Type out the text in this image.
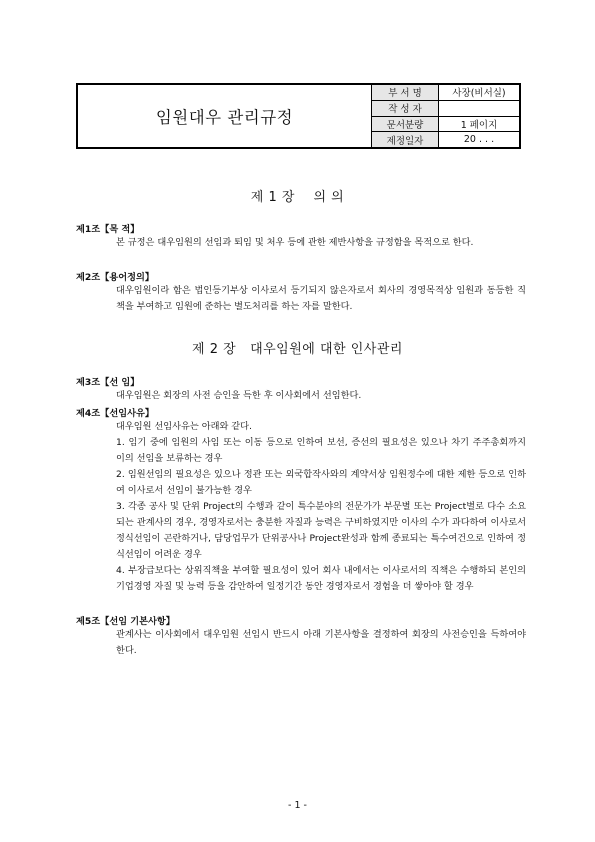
임원대우 관리규정
부 서 명	사장(비서실)
작 성 자
문서분량	1 페이지
제정일자	20 . . .
제 1 장    의 의
제1조【목 적】

본 규정은 대우임원의 선임과 퇴임 및 처우 등에 관한 제반사항을 규정함을 목적으로 한다.

제2조【용어정의】

대우임원이라 함은 법인등기부상 이사로서 등기되지 않은자로서 회사의 경영목적상 임원과 동등한 직책을 부여하고 임원에 준하는 별도처리를 하는 자를 말한다.

제 2 장   대우임원에 대한 인사관리
제3조【선 임】

대우임원은 회장의 사전 승인을 득한 후 이사회에서 선임한다.

제4조【선임사유】

대우임원 선임사유는 아래와 같다.

1. 임기 중에 임원의 사임 또는 이동 등으로 인하여 보선, 증선의 필요성은 있으나 차기 주주총회까지 이의 선임을 보류하는 경우

2. 임원선임의 필요성은 있으나 정관 또는 외국합작사와의 계약서상 임원정수에 대한 제한 등으로 인하여 이사로서 선임이 불가능한 경우

3. 각종 공사 및 단위 Project의 수행과 같이 특수분야의 전문가가 부문별 또는 Project별로 다수 소요되는 관계사의 경우, 경영자로서는 충분한 자질과 능력은 구비하였지만 이사의 수가 과다하여 이사로서 정식선임이 곤란하거나, 담당업무가 단위공사나 Project완성과 함께 종료되는 특수여건으로 인하여 정식선임이 어려운 경우

4. 부장급보다는 상위직책을 부여할 필요성이 있어 회사 내에서는 이사로서의 직책은 수행하되 본인의 기업경영 자질 및 능력 등을 감안하여 일정기간 동안 경영자로서 경험을 더 쌓아야 할 경우

제5조【선임 기본사항】

관계사는 이사회에서 대우임원 선임시 반드시 아래 기본사항을 결정하여 회장의 사전승인을 득하여야 한다.

- 1 -
